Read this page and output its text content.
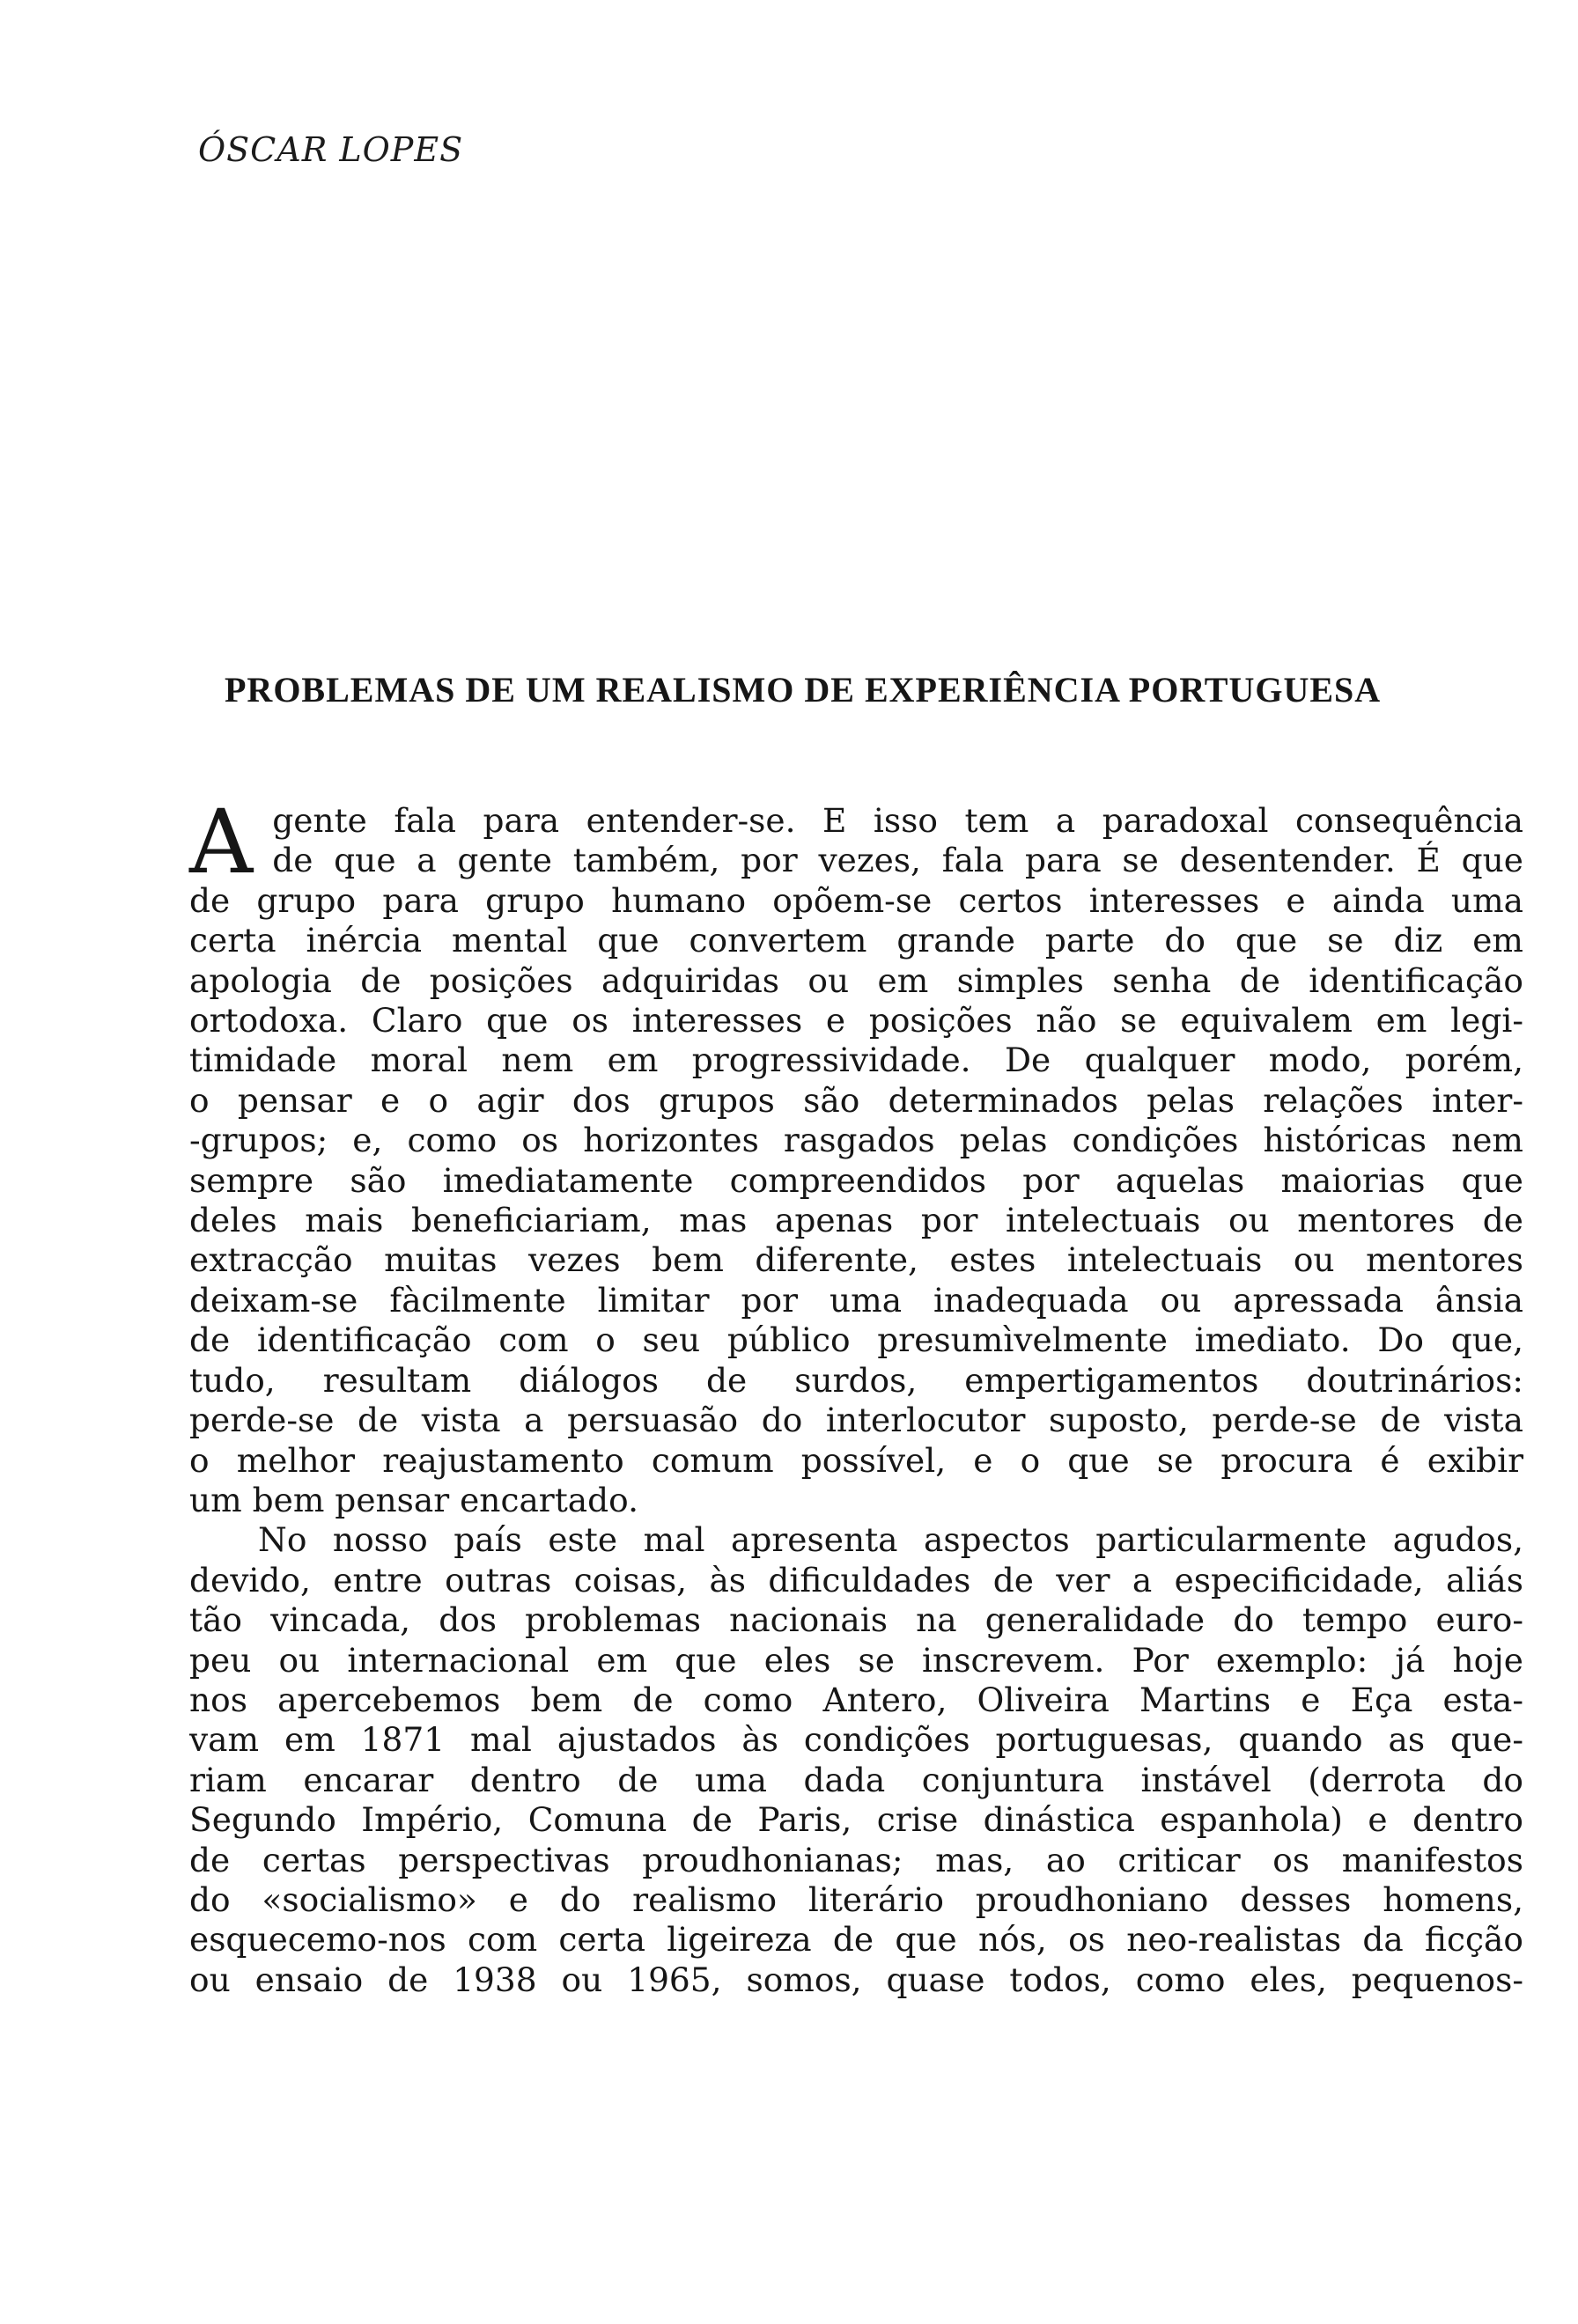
ÓSCAR LOPES
PROBLEMAS DE UM REALISMO DE EXPERIÊNCIA PORTUGUESA
A gente fala para entender-se. E isso tem a paradoxal consequência
de que a gente também, por vezes, fala para se desentender. É que
de grupo para grupo humano opõem-se certos interesses e ainda uma
certa inércia mental que convertem grande parte do que se diz em
apologia de posições adquiridas ou em simples senha de identificação
ortodoxa. Claro que os interesses e posições não se equivalem em legi-
timidade moral nem em progressividade. De qualquer modo, porém,
o pensar e o agir dos grupos são determinados pelas relações inter-
-grupos; e, como os horizontes rasgados pelas condições históricas nem
sempre são imediatamente compreendidos por aquelas maiorias que
deles mais beneficiariam, mas apenas por intelectuais ou mentores de
extracção muitas vezes bem diferente, estes intelectuais ou mentores
deixam-se fàcilmente limitar por uma inadequada ou apressada ânsia
de identificação com o seu público presumìvelmente imediato. Do que,
tudo, resultam diálogos de surdos, empertigamentos doutrinários:
perde-se de vista a persuasão do interlocutor suposto, perde-se de vista
o melhor reajustamento comum possível, e o que se procura é exibir
um bem pensar encartado.
No nosso país este mal apresenta aspectos particularmente agudos,
devido, entre outras coisas, às dificuldades de ver a especificidade, aliás
tão vincada, dos problemas nacionais na generalidade do tempo euro-
peu ou internacional em que eles se inscrevem. Por exemplo: já hoje
nos apercebemos bem de como Antero, Oliveira Martins e Eça esta-
vam em 1871 mal ajustados às condições portuguesas, quando as que-
riam encarar dentro de uma dada conjuntura instável (derrota do
Segundo Império, Comuna de Paris, crise dinástica espanhola) e dentro
de certas perspectivas proudhonianas; mas, ao criticar os manifestos
do «socialismo» e do realismo literário proudhoniano desses homens,
esquecemo-nos com certa ligeireza de que nós, os neo-realistas da ficção
ou ensaio de 1938 ou 1965, somos, quase todos, como eles, pequenos-
